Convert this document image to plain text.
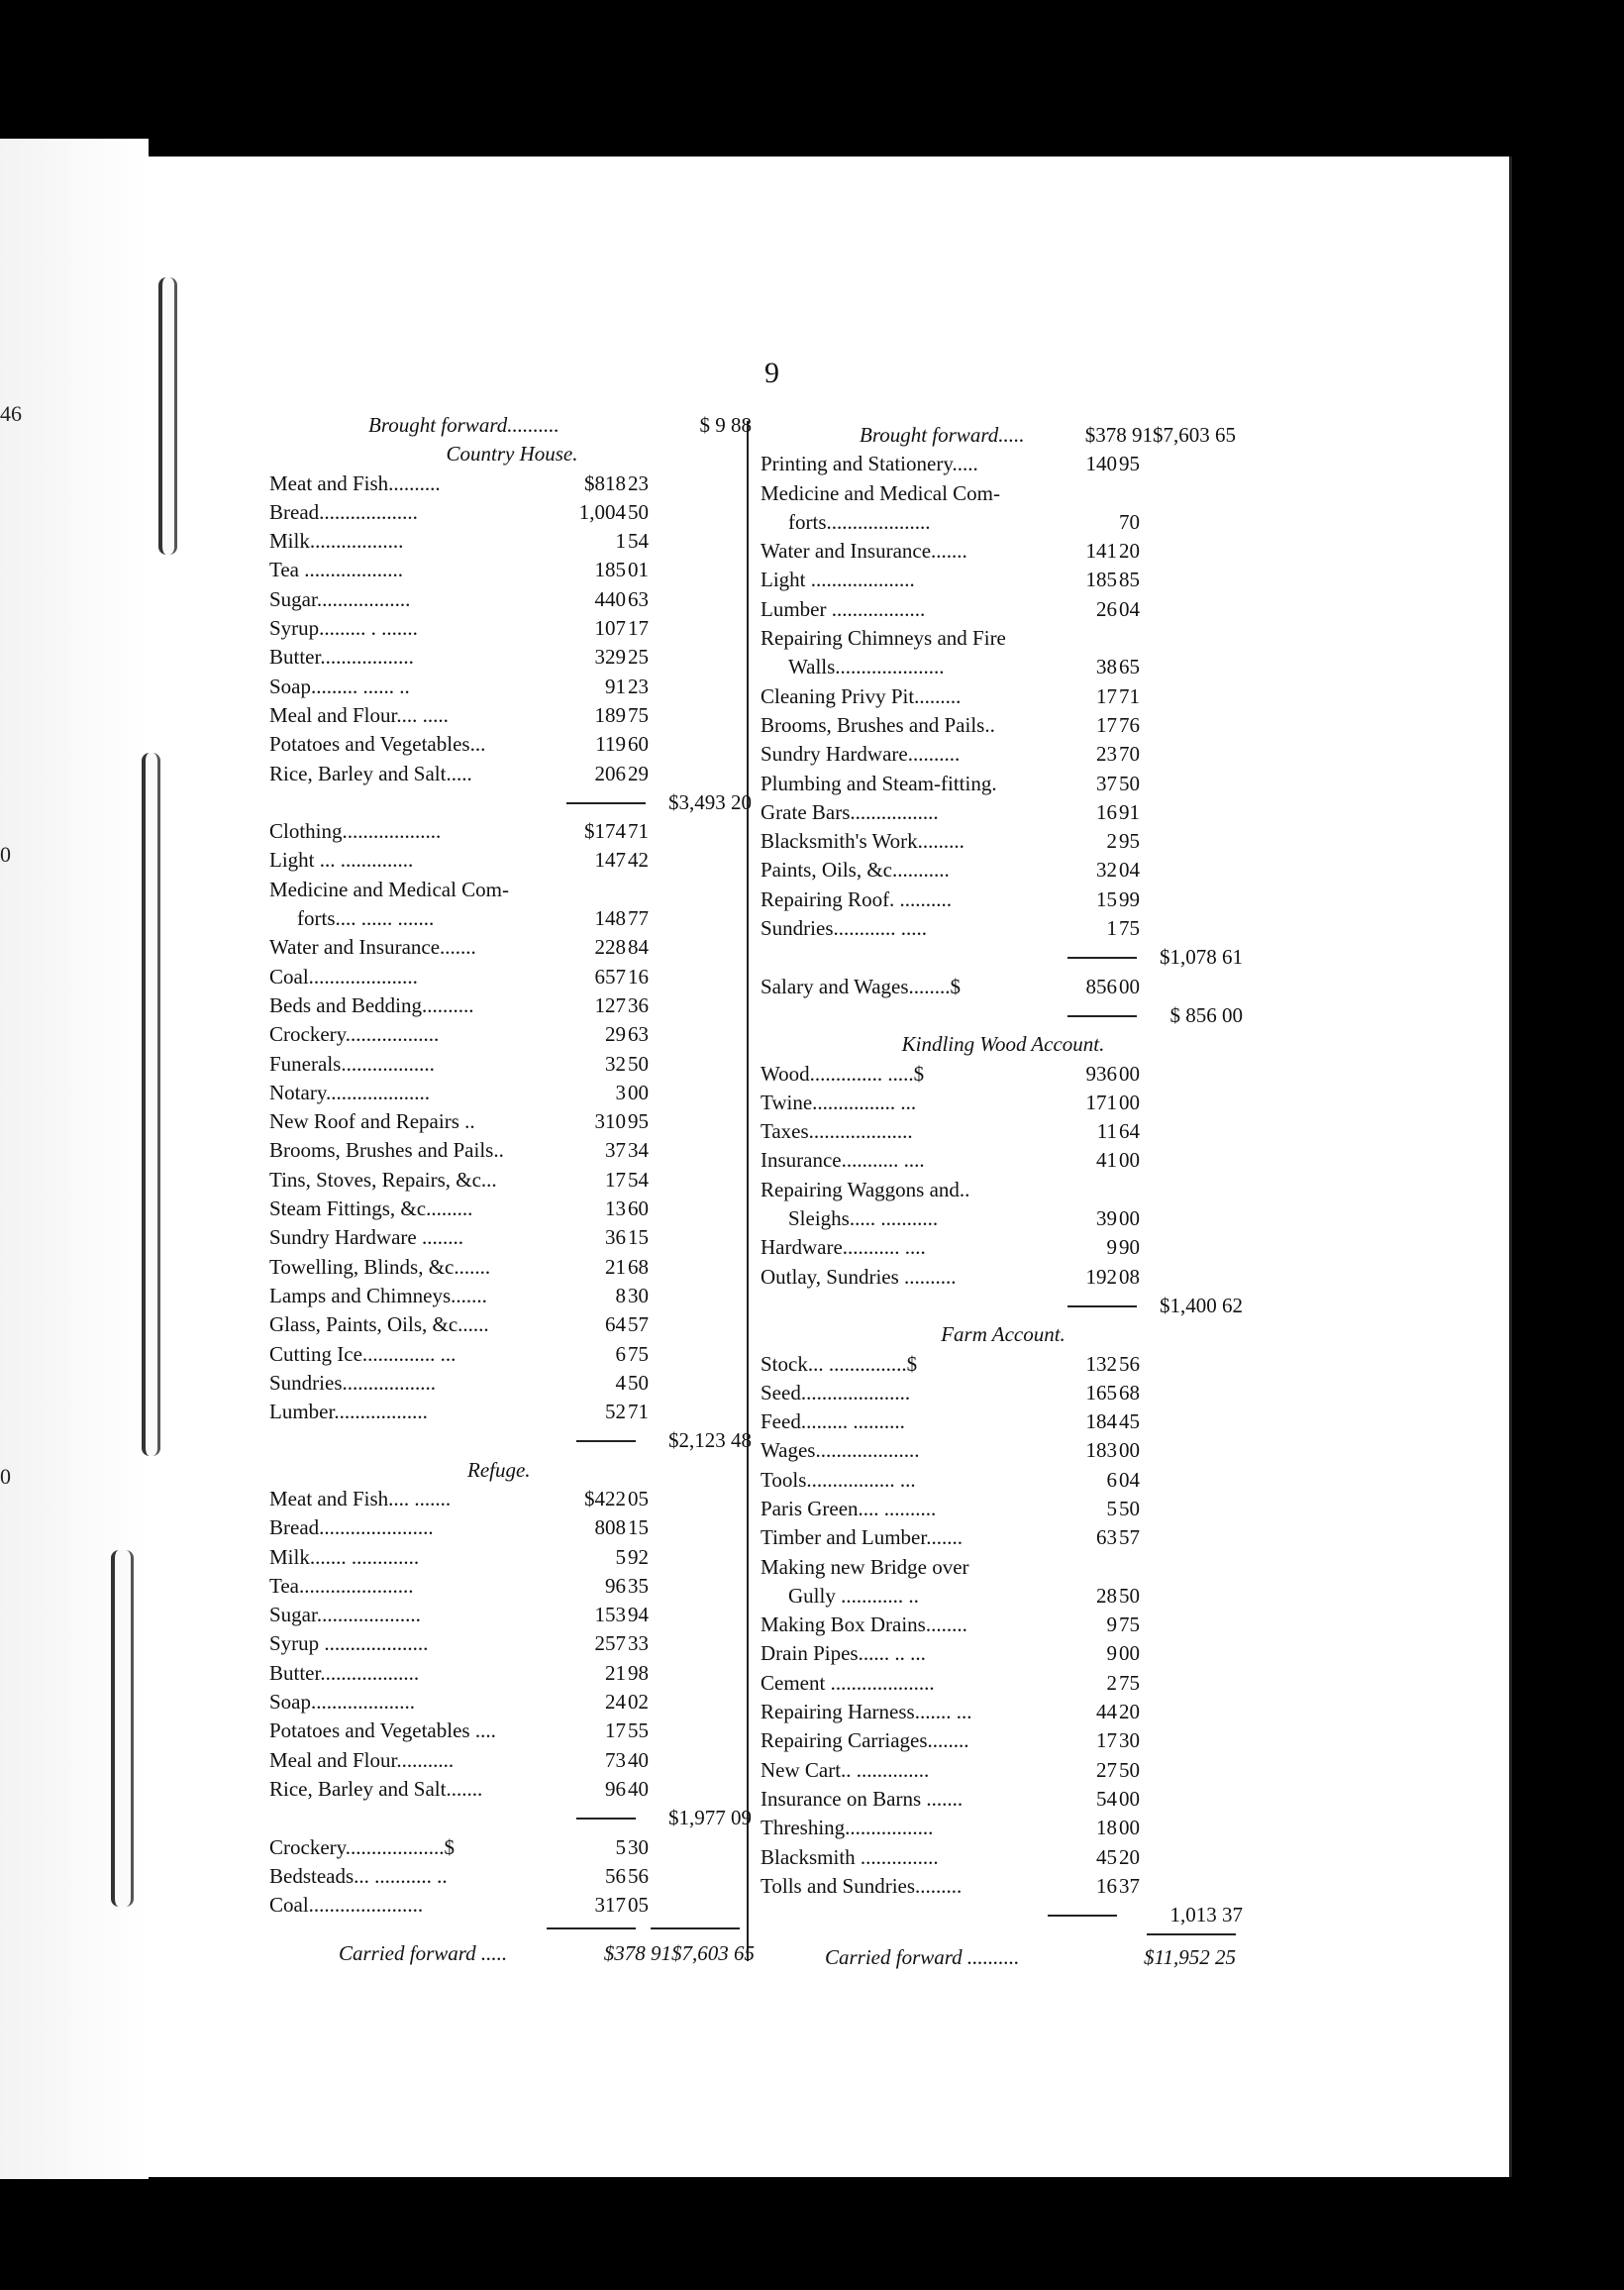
46
0
0
9
Brought forward..........	$ 9 88
Country House.
Meat and Fish..........	$818 23
Bread...................	1,004 50
Milk..................	1 54
Tea ...................	185 01
Sugar..................	440 63
Syrup......... . .......	107 17
Butter..................	329 25
Soap......... ...... ..	91 23
Meal and Flour.... .....	189 75
Potatoes and Vegetables...	119 60
Rice, Barley and Salt.....	206 29
$3,493 20
Clothing...................	$174 71
Light ... ..............	147 42
Medicine and Medical Com-
forts.... ...... .......	148 77
Water and Insurance.......	228 84
Coal.....................	657 16
Beds and Bedding..........	127 36
Crockery..................	29 63
Funerals..................	32 50
Notary....................	3 00
New Roof and Repairs ..	310 95
Brooms, Brushes and Pails..	37 34
Tins, Stoves, Repairs, &c...	17 54
Steam Fittings, &c.........	13 60
Sundry Hardware ........	36 15
Towelling, Blinds, &c.......	21 68
Lamps and Chimneys.......	8 30
Glass, Paints, Oils, &c......	64 57
Cutting Ice.............. ...	6 75
Sundries..................	4 50
Lumber..................	52 71
$2,123 48
Refuge.
Meat and Fish.... .......	$422 05
Bread......................	808 15
Milk....... .............	5 92
Tea......................	96 35
Sugar....................	153 94
Syrup ....................	257 33
Butter...................	21 98
Soap....................	24 02
Potatoes and Vegetables ....	17 55
Meal and Flour...........	73 40
Rice, Barley and Salt.......	96 40
$1,977 09
Crockery...................$	5 30
Bedsteads... ........... ..	56 56
Coal......................	317 05
Carried forward .....	$378 91$7,603 65
Brought forward.....	$378 91$7,603 65
Printing and Stationery.....	140 95
Medicine and Medical Com-
forts....................	70
Water and Insurance.......	141 20
Light ....................	185 85
Lumber ..................	26 04
Repairing Chimneys and Fire
Walls.....................	38 65
Cleaning Privy Pit.........	17 71
Brooms, Brushes and Pails..	17 76
Sundry Hardware..........	23 70
Plumbing and Steam-fitting.	37 50
Grate Bars.................	16 91
Blacksmith's Work.........	2 95
Paints, Oils, &c...........	32 04
Repairing Roof. ..........	15 99
Sundries............ .....	1 75
$1,078 61
Salary and Wages........$	856 00
$ 856 00
Kindling Wood Account.
Wood.............. .....$	936 00
Twine................ ...	171 00
Taxes....................	11 64
Insurance........... ....	41 00
Repairing Waggons and..
Sleighs..... ...........	39 00
Hardware........... ....	9 90
Outlay, Sundries ..........	192 08
$1,400 62
Farm Account.
Stock... ...............$	132 56
Seed.....................	165 68
Feed......... ..........	184 45
Wages....................	183 00
Tools................. ...	6 04
Paris Green.... ..........	5 50
Timber and Lumber.......	63 57
Making new Bridge over
Gully ............ ..	28 50
Making Box Drains........	9 75
Drain Pipes...... .. ...	9 00
Cement ....................	2 75
Repairing Harness....... ...	44 20
Repairing Carriages........	17 30
New Cart.. ..............	27 50
Insurance on Barns .......	54 00
Threshing.................	18 00
Blacksmith ...............	45 20
Tolls and Sundries.........	16 37
1,013 37
Carried forward ..........	$11,952 25
